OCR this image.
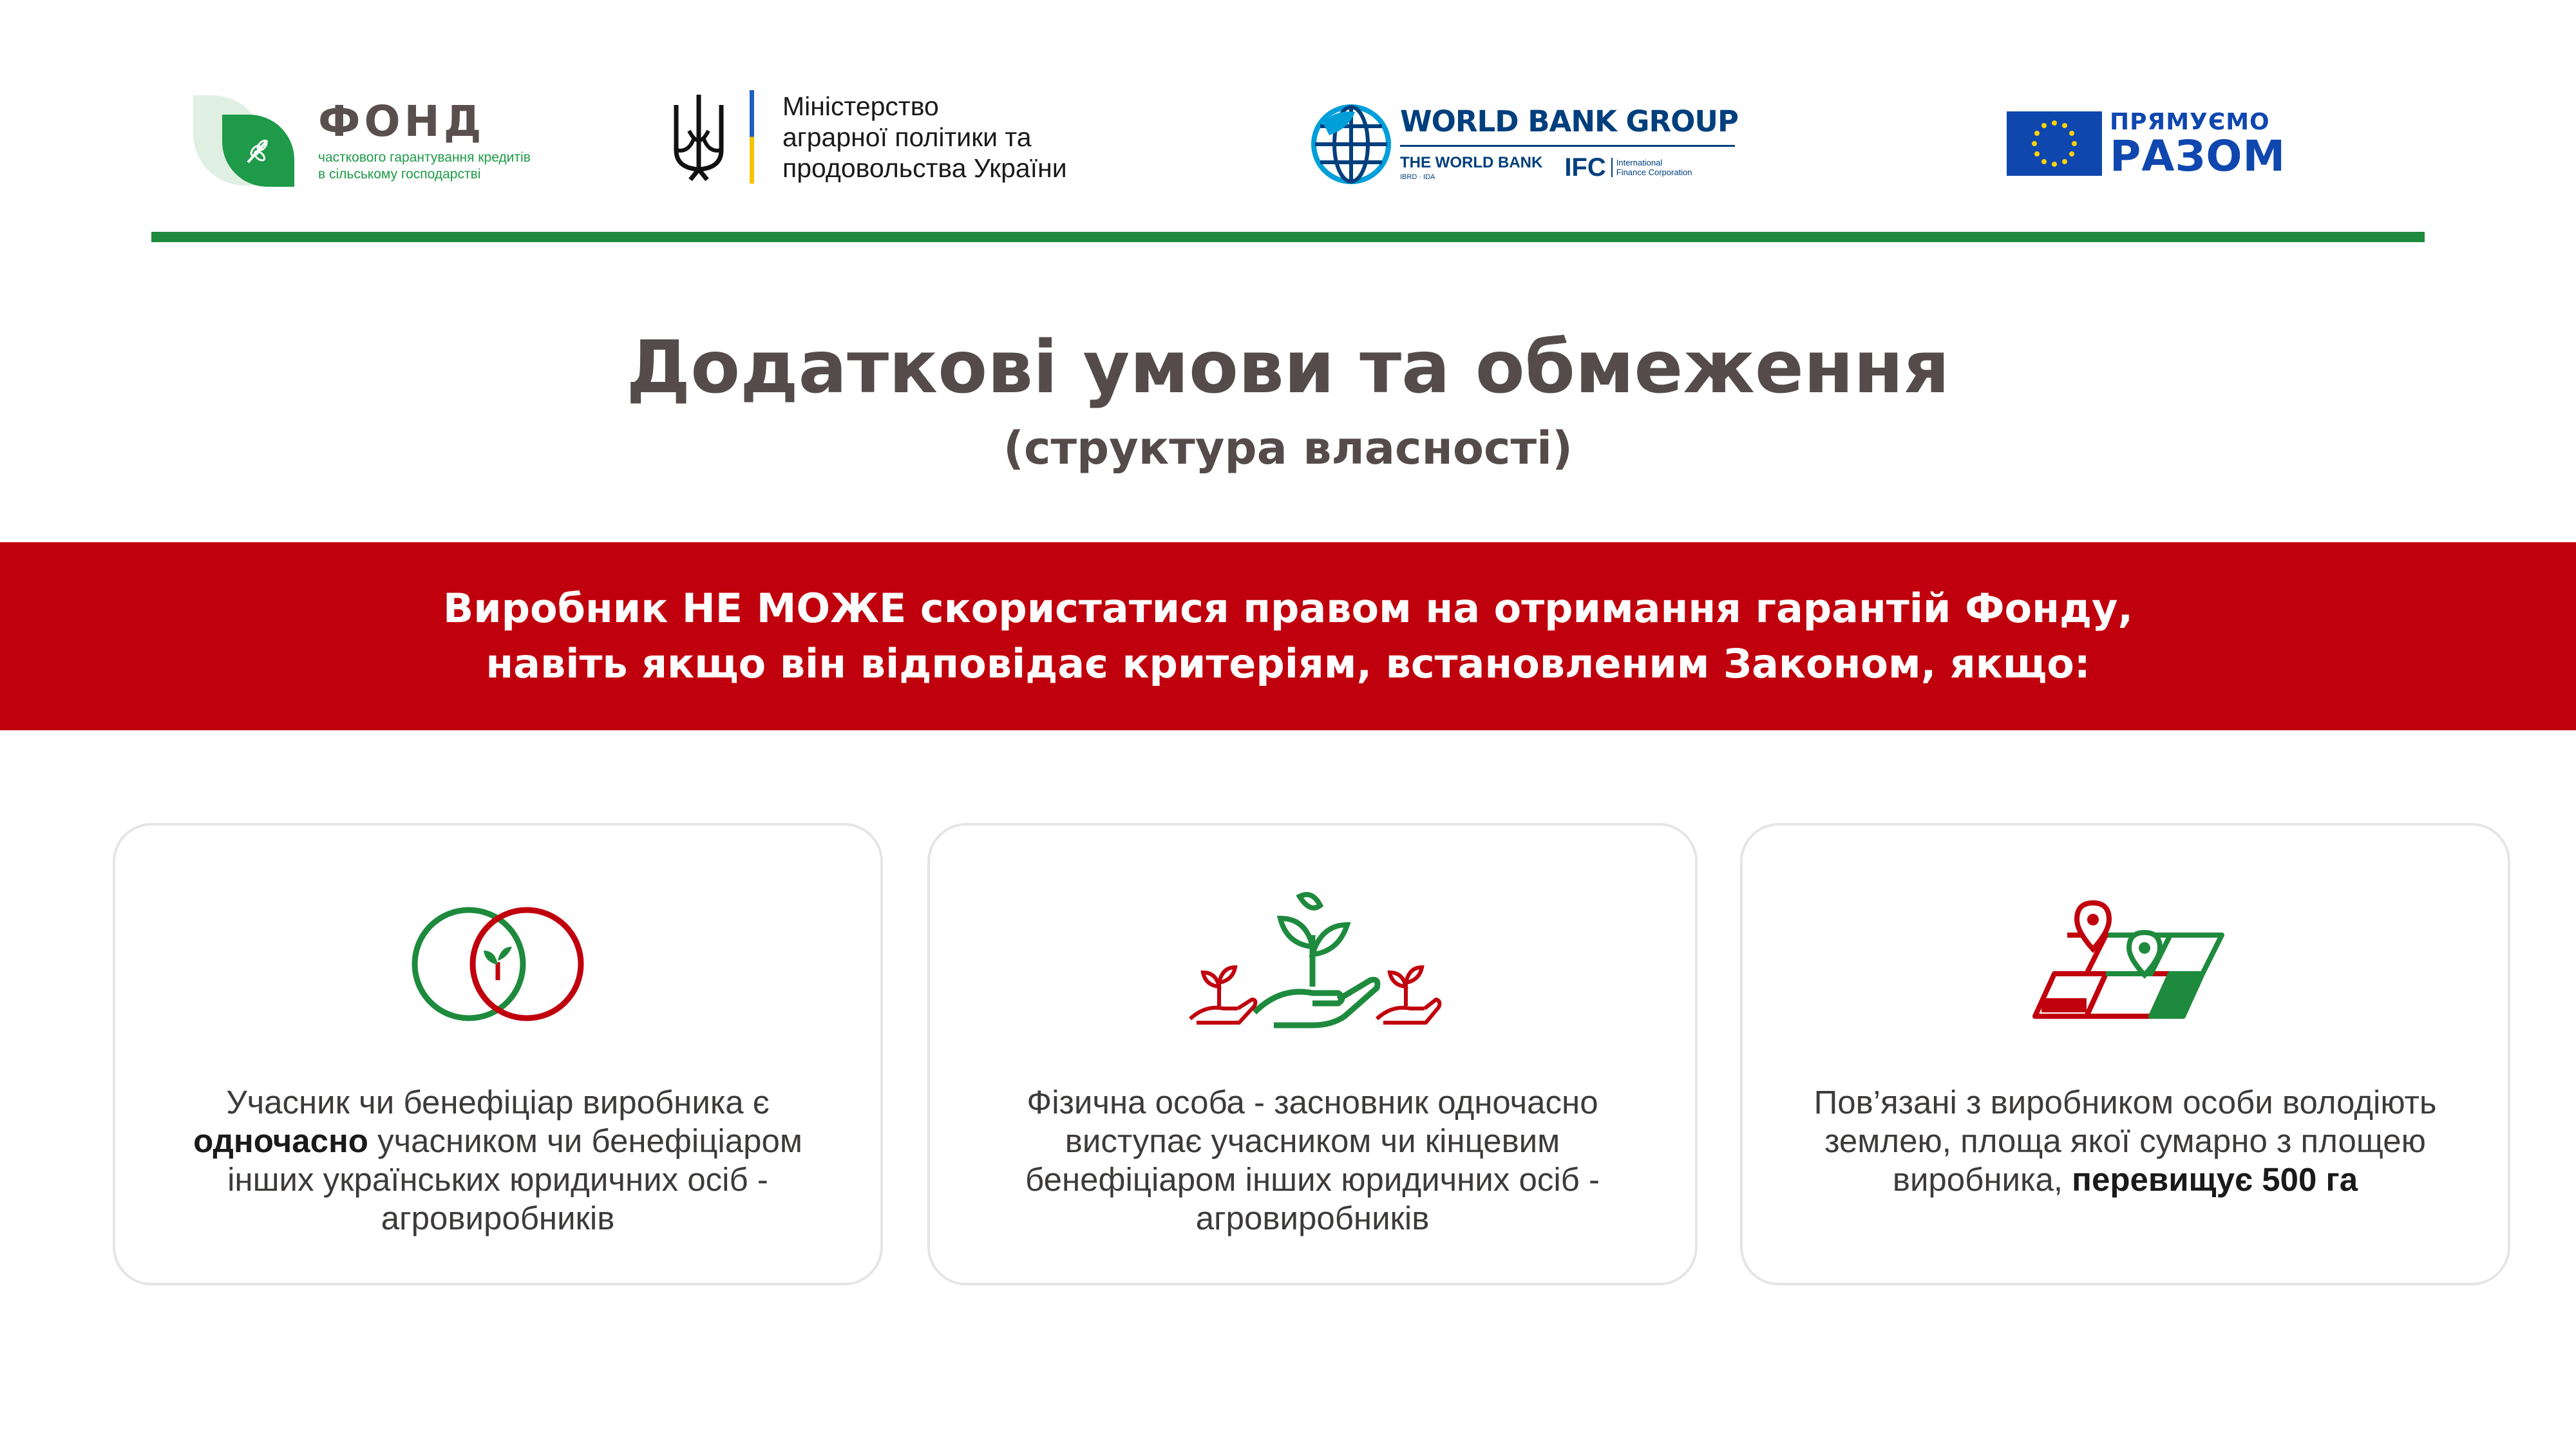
ФОНД
часткового гарантування кредитів
в сільському господарстві
Міністерство
аграрної політики та
продовольства України
WORLD BANK GROUP
THE WORLD BANK
IBRD · IDA	IFC International
Finance Corporation
ПРЯМУЄМО
РАЗОМ
Додаткові умови та обмеження
(структура власності)
Виробник НЕ МОЖЕ скористатися правом на отримання гарантій Фонду,
навіть якщо він відповідає критеріям, встановленим Законом, якщо:
Учасник чи бенефіціар виробника є одночасно учасником чи бенефіціаром інших українських юридичних осіб - агровиробників
Фізична особа - засновник одночасно виступає учасником чи кінцевим бенефіціаром інших юридичних осіб - агровиробників
Пов’язані з виробником особи володіють землею, площа якої сумарно з площею виробника, перевищує 500 га
